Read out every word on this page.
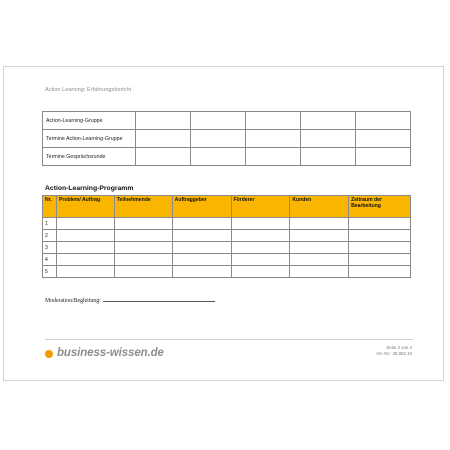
Action Learning: Erfahrungsbericht
Action-Learning-Gruppe					
Termine Action-Learning-Gruppe					
Termine Gesprächsrunde					
Action-Learning-Programm
Nr.	Problem/ Auftrag	Teilnehmende	Auftraggeber	Förderer	Kunden	Zeitraum der Bearbeitung
1						
2						
3						
4						
5						
Moderation/Begleitung:
business-wissen.de	Seite 2 von 4
Art.-Nr.: 39.092.10
